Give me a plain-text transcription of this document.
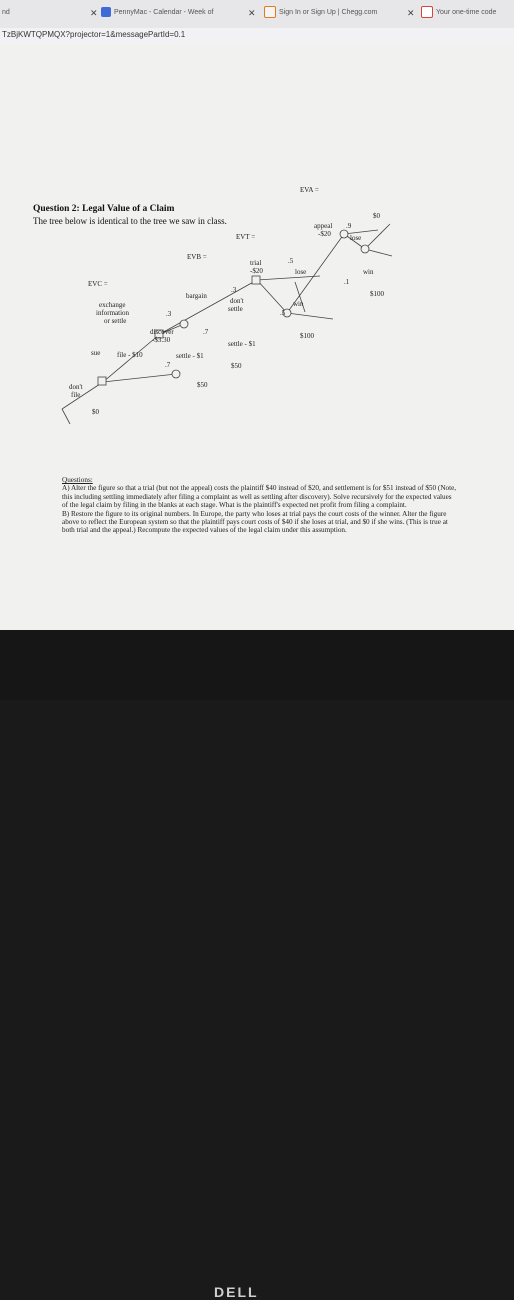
nd	✕	PennyMac - Calendar - Week of	✕	Sign In or Sign Up | Chegg.com	✕	Your one-time code
TzBjKWTQPMQX?projector=1&messagePartId=0.1
Question 2: Legal Value of a Claim
The tree below is identical to the tree we saw in class.
EVA =
$0
appeal
-$20
.9
lose
win
.1
$100
EVT =
trial
-$20
.5
lose
win
.5
$100
EVB =
bargain
.3
don't
settle
settle - $1
$50
EVC =
exchange
information
or settle
.3
discover
-$3.30
.7
sue file - $10
.7
settle - $1
$50
don't
file
$0

Questions:

A) Alter the figure so that a trial (but not the appeal) costs the plaintiff $40 instead of $20, and settlement is for $51 instead of $50 (Note, this including settling immediately after filing a complaint as well as settling after discovery). Solve recursively for the expected values of the legal claim by filing in the blanks at each stage. What is the plaintiff's expected net profit from filing a complaint.

B) Restore the figure to its original numbers. In Europe, the party who loses at trial pays the court costs of the winner. Alter the figure above to reflect the European system so that the plaintiff pays court costs of $40 if she loses at trial, and $0 if she wins. (This is true at both trial and the appeal.) Recompute the expected values of the legal claim under this assumption.

DELL
